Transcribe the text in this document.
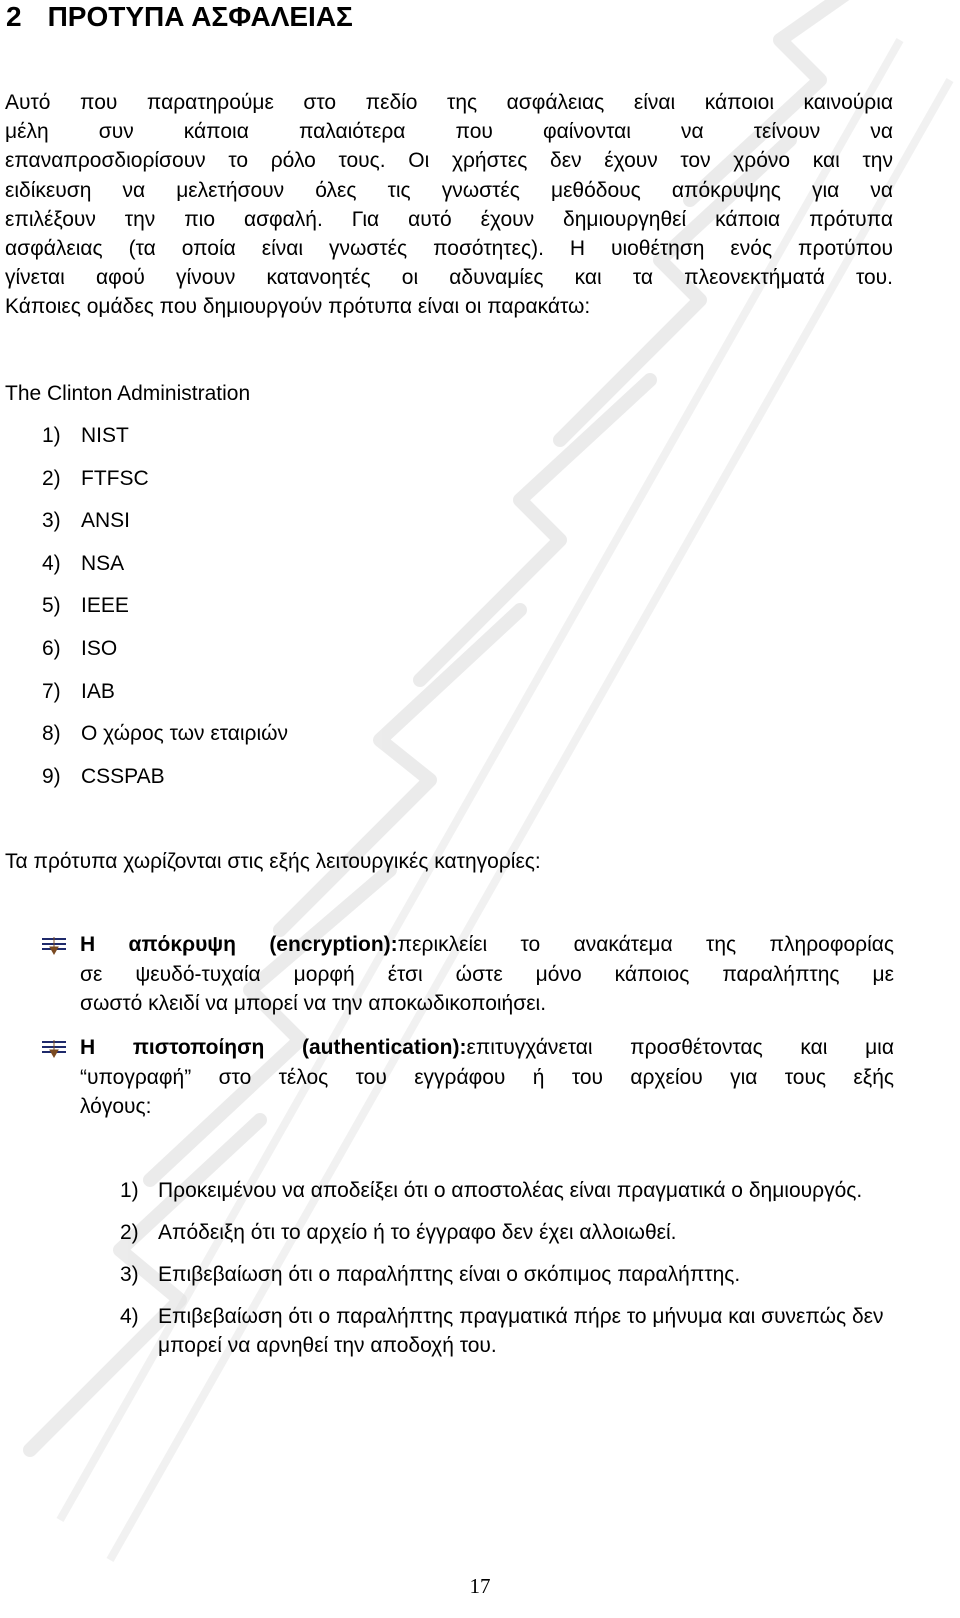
2 ΠΡΟΤΥΠΑ ΑΣΦΑΛΕΙΑΣ
Αυτό που παρατηρούμε στο πεδίο της ασφάλειας είναι κάποιοι καινούρια
μέλη συν κάποια παλαιότερα που φαίνονται να τείνουν να
επαναπροσδιορίσουν το ρόλο τους. Οι χρήστες δεν έχουν τον χρόνο και την
ειδίκευση να μελετήσουν όλες τις γνωστές μεθόδους απόκρυψης για να
επιλέξουν την πιο ασφαλή. Για αυτό έχουν δημιουργηθεί κάποια πρότυπα
ασφάλειας (τα οποία είναι γνωστές ποσότητες). Η υιοθέτηση ενός προτύπου
γίνεται αφού γίνουν κατανοητές οι αδυναμίες και τα πλεονεκτήματά του.
Κάποιες ομάδες που δημιουργούν πρότυπα είναι οι παρακάτω:
The Clinton Administration
1) NIST
2) FTFSC
3) ANSI
4) NSA
5) IEEE
6) ISO
7) IAB
8) Ο χώρος των εταιριών
9) CSSPAB
Τα πρότυπα χωρίζονται στις εξής λειτουργικές κατηγορίες:
Η απόκρυψη (encryption):περικλείει το ανακάτεμα της πληροφορίας
σε ψευδό-τυχαία μορφή έτσι ώστε μόνο κάποιος παραλήπτης με
σωστό κλειδί να μπορεί να την αποκωδικοποιήσει.
Η πιστοποίηση (authentication):επιτυγχάνεται προσθέτοντας και μια
“υπογραφή” στο τέλος του εγγράφου ή του αρχείου για τους εξής
λόγους:
1) Προκειμένου να αποδείξει ότι ο αποστολέας είναι πραγματικά ο δημιουργός.
2) Απόδειξη ότι το αρχείο ή το έγγραφο δεν έχει αλλοιωθεί.
3) Επιβεβαίωση ότι ο παραλήπτης είναι ο σκόπιμος παραλήπτης.
4) Επιβεβαίωση ότι ο παραλήπτης πραγματικά πήρε το μήνυμα και συνεπώς δεν μπορεί να αρνηθεί την αποδοχή του.
17
